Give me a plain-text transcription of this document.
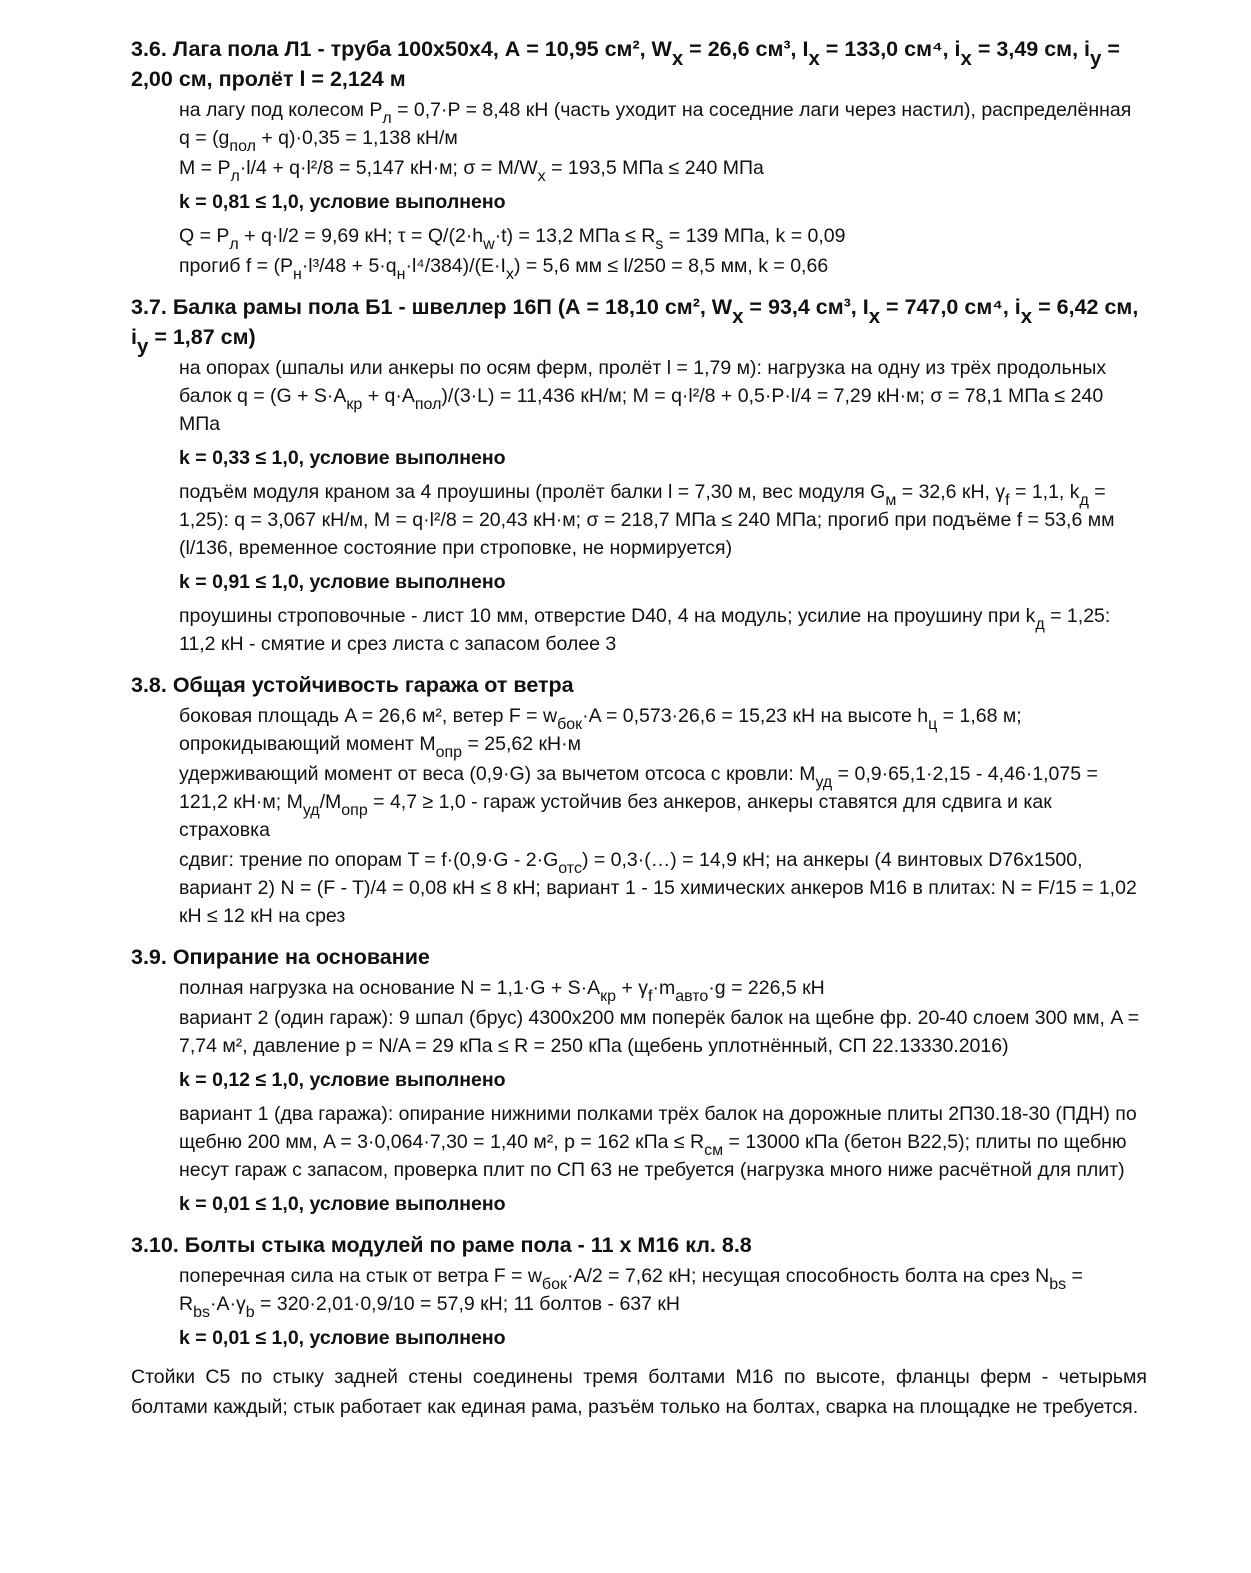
3.6. Лага пола Л1 - труба 100х50х4, А = 10,95 см², $W_x = 26,6$ см³, $I_x = 133,0$ см⁴, $i_x = 3,49$ см, $i_y = 2,00$ см, пролёт l = 2,124 м

на лагу под колесом $P_л = 0,7\cdot P = 8,48$ кН (часть уходит на соседние лаги через настил), распределённая $q = (g_{пол} + q)\cdot 0,35 = 1,138$ кН/м

$M = P_л\cdot l/4 + q\cdot l^2/8 = 5,147$ кН·м; $\sigma = M/W_x = 193,5$ МПа ≤ 240 МПа

k = 0,81 ≤ 1,0, условие выполнено

$Q = P_л + q\cdot l/2 = 9,69$ кН; $\tau = Q/(2\cdot h_w\cdot t) = 13,2$ МПа ≤ $R_s = 139$ МПа, k = 0,09

прогиб $f = (P_н\cdot l^3/48 + 5\cdot q_н\cdot l^4/384)/(E\cdot I_x) = 5,6$ мм ≤ l/250 = 8,5 мм, k = 0,66

3.7. Балка рамы пола Б1 - швеллер 16П (А = 18,10 см², $W_x = 93,4$ см³, $I_x = 747,0$ см⁴, $i_x = 6,42$ см, $i_y = 1,87$ см)

на опорах (шпалы или анкеры по осям ферм, пролёт l = 1,79 м): нагрузка на одну из трёх продольных балок $q = (G + S\cdot A_{кр} + q\cdot A_{пол})/(3\cdot L) = 11,436$ кН/м; M = q·l²/8 + 0,5·P·l/4 = 7,29 кН·м; σ = 78,1 МПа ≤ 240 МПа

k = 0,33 ≤ 1,0, условие выполнено

подъём модуля краном за 4 проушины (пролёт балки l = 7,30 м, вес модуля $G_м = 32,6$ кН, $\gamma_f = 1,1$, $k_д = 1,25$): q = 3,067 кН/м, M = q·l²/8 = 20,43 кН·м; σ = 218,7 МПа ≤ 240 МПа; прогиб при подъёме f = 53,6 мм (l/136, временное состояние при строповке, не нормируется)

k = 0,91 ≤ 1,0, условие выполнено

проушины строповочные - лист 10 мм, отверстие D40, 4 на модуль; усилие на проушину при $k_д = 1,25$: 11,2 кН - смятие и срез листа с запасом более 3

3.8. Общая устойчивость гаража от ветра

боковая площадь A = 26,6 м², ветер $F = w_{бок}\cdot A = 0,573\cdot 26,6 = 15,23$ кН на высоте $h_ц = 1,68$ м; опрокидывающий момент $M_{опр} = 25,62$ кН·м

удерживающий момент от веса (0,9·G) за вычетом отсоса с кровли: $M_{уд} = 0,9\cdot 65,1\cdot 2,15 - 4,46\cdot 1,075 = 121,2$ кН·м; $M_{уд}/M_{опр} = 4,7 \ge 1,0$ - гараж устойчив без анкеров, анкеры ставятся для сдвига и как страховка

сдвиг: трение по опорам $T = f\cdot(0,9\cdot G - 2\cdot G_{отс})$ = 0,3·(…) = 14,9 кН; на анкеры (4 винтовых D76х1500, вариант 2) N = (F - T)/4 = 0,08 кН ≤ 8 кН; вариант 1 - 15 химических анкеров М16 в плитах: N = F/15 = 1,02 кН ≤ 12 кН на срез

3.9. Опирание на основание

полная нагрузка на основание $N = 1,1\cdot G + S\cdot A_{кр} + \gamma_f\cdot m_{авто}\cdot g = 226,5$ кН

вариант 2 (один гараж): 9 шпал (брус) 4300х200 мм поперёк балок на щебне фр. 20-40 слоем 300 мм, A = 7,74 м², давление p = N/A = 29 кПа ≤ R = 250 кПа (щебень уплотнённый, СП 22.13330.2016)

k = 0,12 ≤ 1,0, условие выполнено

вариант 1 (два гаража): опирание нижними полками трёх балок на дорожные плиты 2П30.18-30 (ПДН) по щебню 200 мм, A = 3·0,064·7,30 = 1,40 м², p = 162 кПа ≤ $R_{см} = 13000$ кПа (бетон В22,5); плиты по щебню несут гараж с запасом, проверка плит по СП 63 не требуется (нагрузка много ниже расчётной для плит)

k = 0,01 ≤ 1,0, условие выполнено

3.10. Болты стыка модулей по раме пола - 11 х М16 кл. 8.8

поперечная сила на стык от ветра $F = w_{бок}\cdot A/2 = 7,62$ кН; несущая способность болта на срез $N_{bs} = R_{bs}\cdot A\cdot\gamma_b = 320\cdot 2,01\cdot 0,9/10 = 57,9$ кН; 11 болтов - 637 кН

k = 0,01 ≤ 1,0, условие выполнено

Стойки С5 по стыку задней стены соединены тремя болтами М16 по высоте, фланцы ферм - четырьмя болтами каждый; стык работает как единая рама, разъём только на болтах, сварка на площадке не требуется.
